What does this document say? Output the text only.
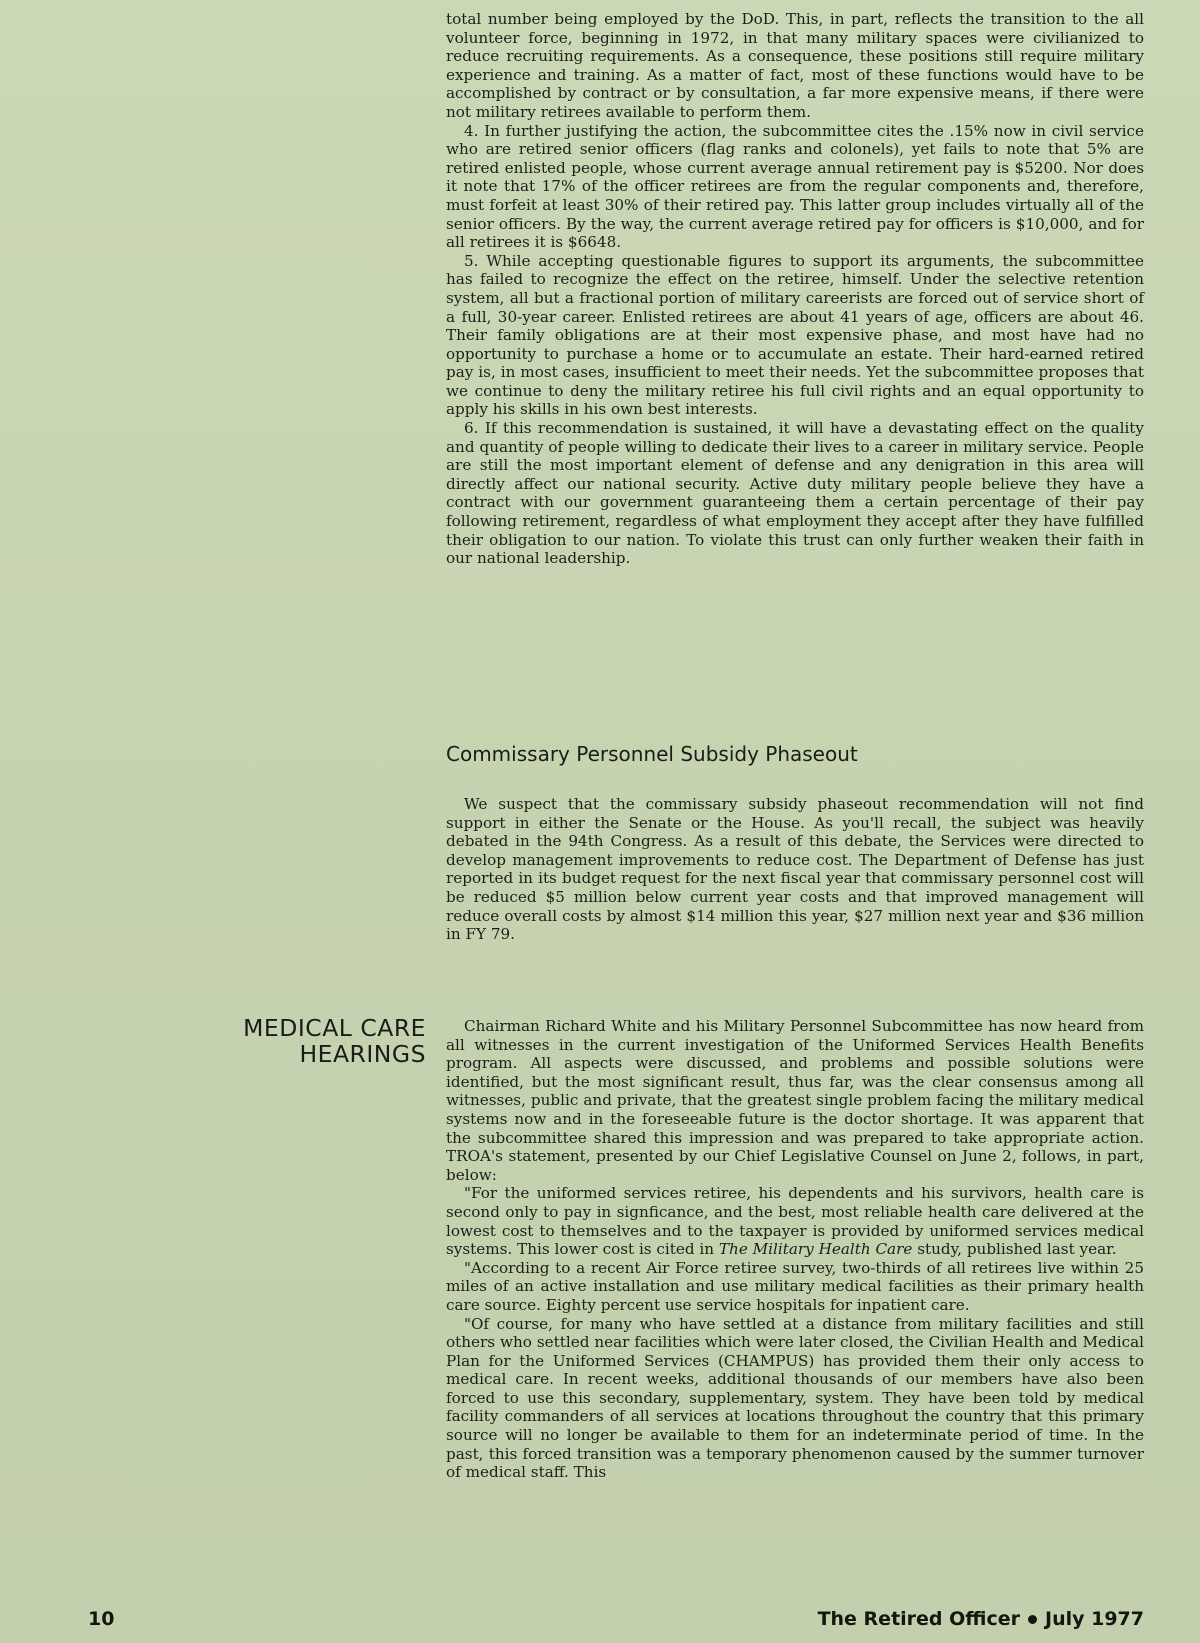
total number being employed by the DoD. This, in part, reflects the transition to the all volunteer force, beginning in 1972, in that many military spaces were civilianized to reduce recruiting requirements. As a consequence, these positions still require military experience and training. As a matter of fact, most of these functions would have to be accomplished by contract or by consultation, a far more expensive means, if there were not military retirees available to perform them.

4. In further justifying the action, the subcommittee cites the .15% now in civil service who are retired senior officers (flag ranks and colonels), yet fails to note that 5% are retired enlisted people, whose current average annual retirement pay is $5200. Nor does it note that 17% of the officer retirees are from the regular components and, therefore, must forfeit at least 30% of their retired pay. This latter group includes virtually all of the senior officers. By the way, the current average retired pay for officers is $10,000, and for all retirees it is $6648.

5. While accepting questionable figures to support its arguments, the subcommittee has failed to recognize the effect on the retiree, himself. Under the selective retention system, all but a fractional portion of military careerists are forced out of service short of a full, 30-year career. Enlisted retirees are about 41 years of age, officers are about 46. Their family obligations are at their most expensive phase, and most have had no opportunity to purchase a home or to accumulate an estate. Their hard-earned retired pay is, in most cases, insufficient to meet their needs. Yet the subcommittee proposes that we continue to deny the military retiree his full civil rights and an equal opportunity to apply his skills in his own best interests.

6. If this recommendation is sustained, it will have a devastating effect on the quality and quantity of people willing to dedicate their lives to a career in military service. People are still the most important element of defense and any denigration in this area will directly affect our national security. Active duty military people believe they have a contract with our government guaranteeing them a certain percentage of their pay following retirement, regardless of what employment they accept after they have fulfilled their obligation to our nation. To violate this trust can only further weaken their faith in our national leadership.

Commissary Personnel Subsidy Phaseout

We suspect that the commissary subsidy phaseout recommendation will not find support in either the Senate or the House. As you'll recall, the subject was heavily debated in the 94th Congress. As a result of this debate, the Services were directed to develop management improvements to reduce cost. The Department of Defense has just reported in its budget request for the next fiscal year that commissary personnel cost will be reduced $5 million below current year costs and that improved management will reduce overall costs by almost $14 million this year, $27 million next year and $36 million in FY 79.

MEDICAL CARE
HEARINGS

Chairman Richard White and his Military Personnel Subcommittee has now heard from all witnesses in the current investigation of the Uniformed Services Health Benefits program. All aspects were discussed, and problems and possible solutions were identified, but the most significant result, thus far, was the clear consensus among all witnesses, public and private, that the greatest single problem facing the military medical systems now and in the foreseeable future is the doctor shortage. It was apparent that the subcommittee shared this impression and was prepared to take appropriate action. TROA's statement, presented by our Chief Legislative Counsel on June 2, follows, in part, below:

"For the uniformed services retiree, his dependents and his survivors, health care is second only to pay in signficance, and the best, most reliable health care delivered at the lowest cost to themselves and to the taxpayer is provided by uniformed services medical systems. This lower cost is cited in The Military Health Care study, published last year.

"According to a recent Air Force retiree survey, two-thirds of all retirees live within 25 miles of an active installation and use military medical facilities as their primary health care source. Eighty percent use service hospitals for inpatient care.

"Of course, for many who have settled at a distance from military facilities and still others who settled near facilities which were later closed, the Civilian Health and Medical Plan for the Uniformed Services (CHAMPUS) has provided them their only access to medical care. In recent weeks, additional thousands of our members have also been forced to use this secondary, supplementary, system. They have been told by medical facility commanders of all services at locations throughout the country that this primary source will no longer be available to them for an indeterminate period of time. In the past, this forced transition was a temporary phenomenon caused by the summer turnover of medical staff. This

10	The Retired Officer July 1977
